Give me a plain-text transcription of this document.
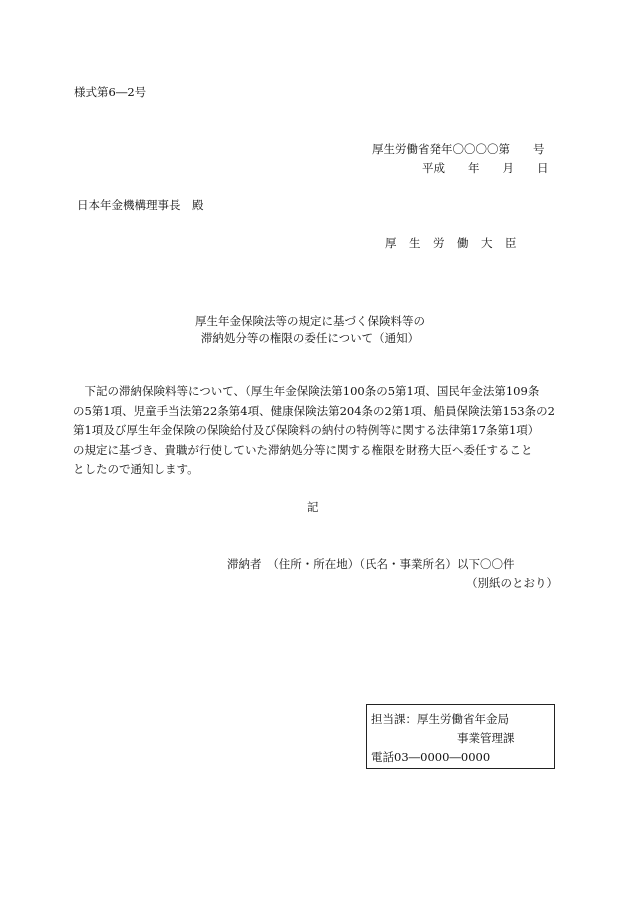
様式第6―2号
厚生労働省発年〇〇〇〇第　　号
平成　　年　　月　　日
日本年金機構理事長　殿
厚　生　労　働　大　臣
厚生年金保険法等の規定に基づく保険料等の
滞納処分等の権限の委任について（通知）
　下記の滞納保険料等について、（厚生年金保険法第100条の5第1項、国民年金法第109条
の5第1項、児童手当法第22条第4項、健康保険法第204条の2第1項、船員保険法第153条の2
第1項及び厚生年金保険の保険給付及び保険料の納付の特例等に関する法律第17条第1項）
の規定に基づき、貴職が行使していた滞納処分等に関する権限を財務大臣へ委任すること
としたので通知します。
記
滞納者　（住所・所在地）（氏名・事業所名）以下〇〇件
（別紙のとおり）
担当課：厚生労働省年金局
事業管理課
電話03―0000―0000
